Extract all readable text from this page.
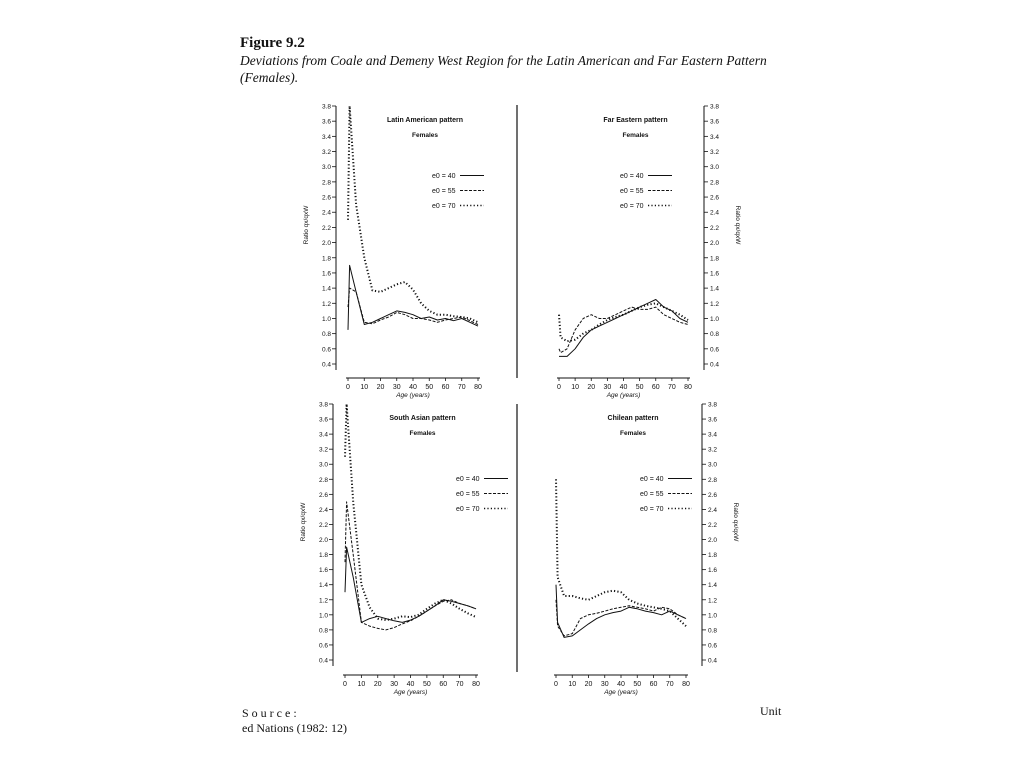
Figure 9.2
Deviations from Coale and Demeny West Region for the Latin American and Far Eastern Pattern
(Females).
0.4
0.6
0.8
1.0
1.2
1.4
1.6
1.8
2.0
2.2
2.4
2.6
2.8
3.0
3.2
3.4
3.6
3.8
0 10 20 30 40 50 60 70 80
Age (years)
Ratio qx/qxW
Latin American pattern
Females
e0 = 40
e0 = 55
e0 = 70
0.4
0.6
0.8
1.0
1.2
1.4
1.6
1.8
2.0
2.2
2.4
2.6
2.8
3.0
3.2
3.4
3.6
3.8
0 10 20 30 40 50 60 70 80
Age (years)
Ratio qx/qxW
Far Eastern pattern
Females
e0 = 40
e0 = 55
e0 = 70
0.4
0.6
0.8
1.0
1.2
1.4
1.6
1.8
2.0
2.2
2.4
2.6
2.8
3.0
3.2
3.4
3.6
3.8
0 10 20 30 40 50 60 70 80
Age (years)
Ratio qx/qxW
South Asian pattern
Females
e0 = 40
e0 = 55
e0 = 70
0.4
0.6
0.8
1.0
1.2
1.4
1.6
1.8
2.0
2.2
2.4
2.6
2.8
3.0
3.2
3.4
3.6
3.8
0 10 20 30 40 50 60 70 80
Age (years)
Ratio qx/qxW
Chilean pattern
Females
e0 = 40
e0 = 55
e0 = 70
Source:	Unit
ed Nations (1982: 12)
